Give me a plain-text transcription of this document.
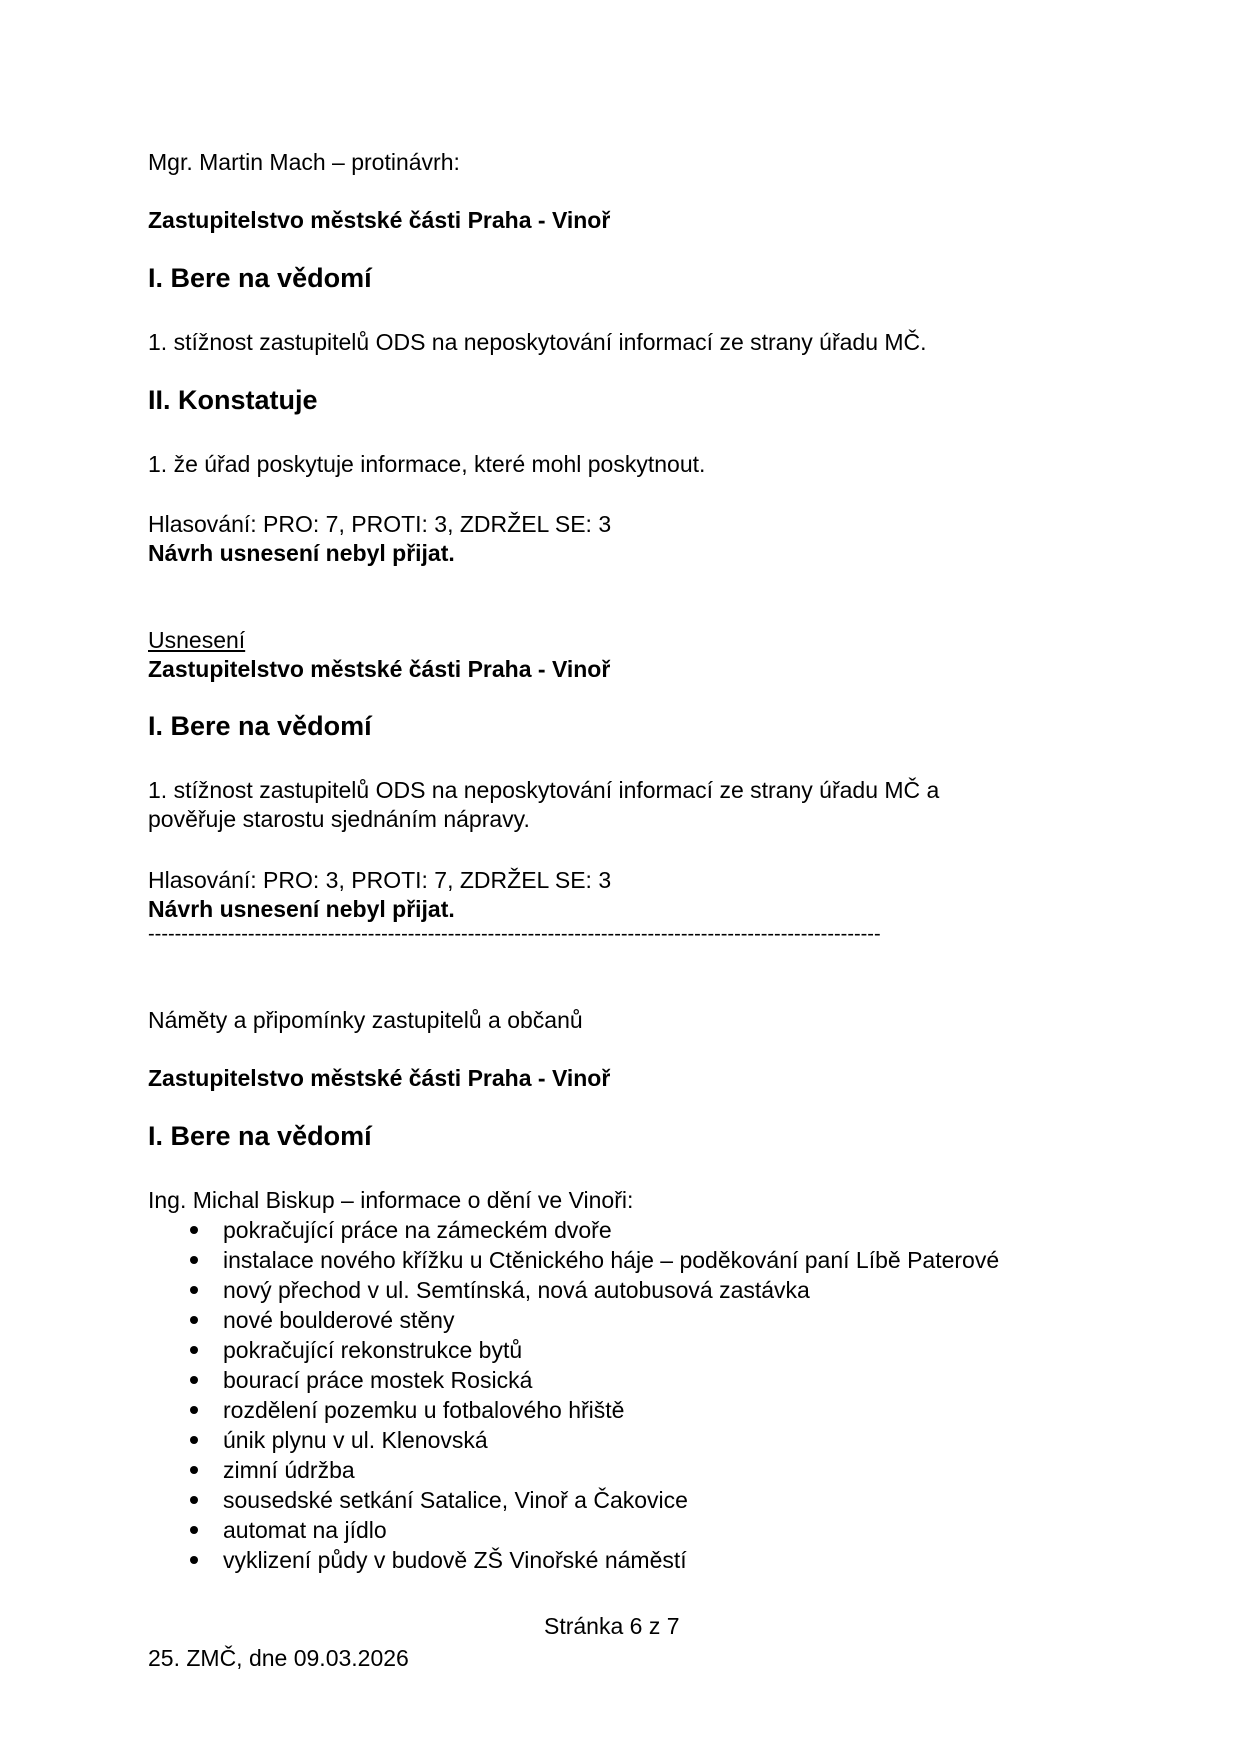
Mgr. Martin Mach – protinávrh:
Zastupitelstvo městské části Praha - Vinoř
I. Bere na vědomí
1. stížnost zastupitelů ODS na neposkytování informací ze strany úřadu MČ.
II. Konstatuje
1. že úřad poskytuje informace, které mohl poskytnout.
Hlasování: PRO: 7, PROTI: 3, ZDRŽEL SE: 3
Návrh usnesení nebyl přijat.
Usnesení
Zastupitelstvo městské části Praha - Vinoř
I. Bere na vědomí
1. stížnost zastupitelů ODS na neposkytování informací ze strany úřadu MČ a
pověřuje starostu sjednáním nápravy.
Hlasování: PRO: 3, PROTI: 7, ZDRŽEL SE: 3
Návrh usnesení nebyl přijat.
--------------------------------------------------------------------------------------------------------------
Náměty a připomínky zastupitelů a občanů
Zastupitelstvo městské části Praha - Vinoř
I. Bere na vědomí
Ing. Michal Biskup – informace o dění ve Vinoři:
pokračující práce na zámeckém dvoře
instalace nového křížku u Ctěnického háje – poděkování paní Líbě Paterové
nový přechod v ul. Semtínská, nová autobusová zastávka
nové boulderové stěny
pokračující rekonstrukce bytů
bourací práce mostek Rosická
rozdělení pozemku u fotbalového hřiště
únik plynu v ul. Klenovská
zimní údržba
sousedské setkání Satalice, Vinoř a Čakovice
automat na jídlo
vyklizení půdy v budově ZŠ Vinořské náměstí
Stránka 6 z 7
25. ZMČ, dne 09.03.2026
